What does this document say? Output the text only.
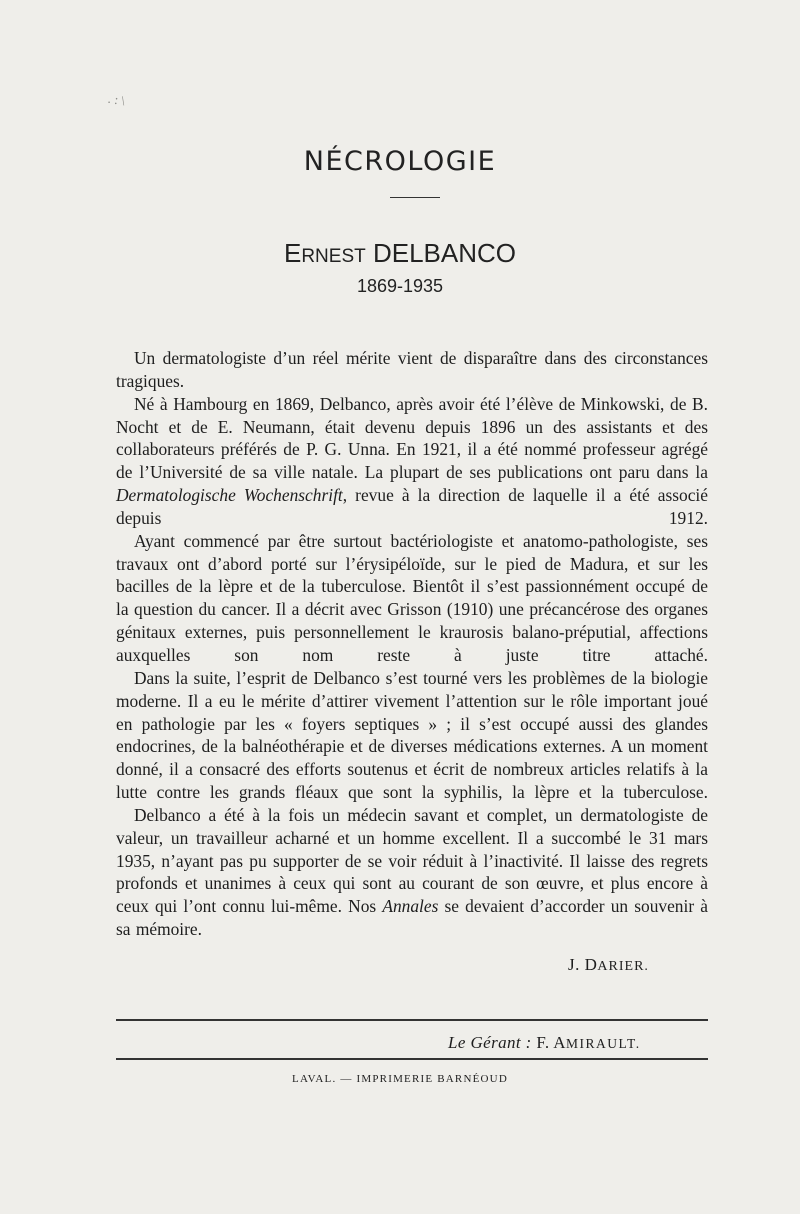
. : \
NÉCROLOGIE
ERNEST DELBANCO
1869-1935

Un dermatologiste d’un réel mérite vient de disparaître dans des circonstances tragiques.

Né à Hambourg en 1869, Delbanco, après avoir été l’élève de Minkowski, de B. Nocht et de E. Neumann, était devenu depuis 1896 un des assistants et des collaborateurs préférés de P. G. Unna. En 1921, il a été nommé professeur agrégé de l’Université de sa ville natale. La plupart de ses publications ont paru dans la Dermatologische Wochenschrift, revue à la direction de laquelle il a été associé depuis 1912.

Ayant commencé par être surtout bactériologiste et anatomo-pathologiste, ses travaux ont d’abord porté sur l’érysipéloïde, sur le pied de Madura, et sur les bacilles de la lèpre et de la tuberculose. Bientôt il s’est passionnément occupé de la question du cancer. Il a décrit avec Grisson (1910) une précancérose des organes génitaux externes, puis personnellement le kraurosis balano-préputial, affections auxquelles son nom reste à juste titre attaché.

Dans la suite, l’esprit de Delbanco s’est tourné vers les problèmes de la biologie moderne. Il a eu le mérite d’attirer vivement l’attention sur le rôle important joué en pathologie par les « foyers septiques » ; il s’est occupé aussi des glandes endocrines, de la balnéothérapie et de diverses médications externes. A un moment donné, il a consacré des efforts soutenus et écrit de nombreux articles relatifs à la lutte contre les grands fléaux que sont la syphilis, la lèpre et la tuberculose.

Delbanco a été à la fois un médecin savant et complet, un dermatologiste de valeur, un travailleur acharné et un homme excellent. Il a succombé le 31 mars 1935, n’ayant pas pu supporter de se voir réduit à l’inactivité. Il laisse des regrets profonds et unanimes à ceux qui sont au courant de son œuvre, et plus encore à ceux qui l’ont connu lui-même. Nos Annales se devaient d’accorder un souvenir à sa mémoire.

J. DARIER.
Le Gérant : F. AMIRAULT.
LAVAL. — IMPRIMERIE BARNÉOUD
